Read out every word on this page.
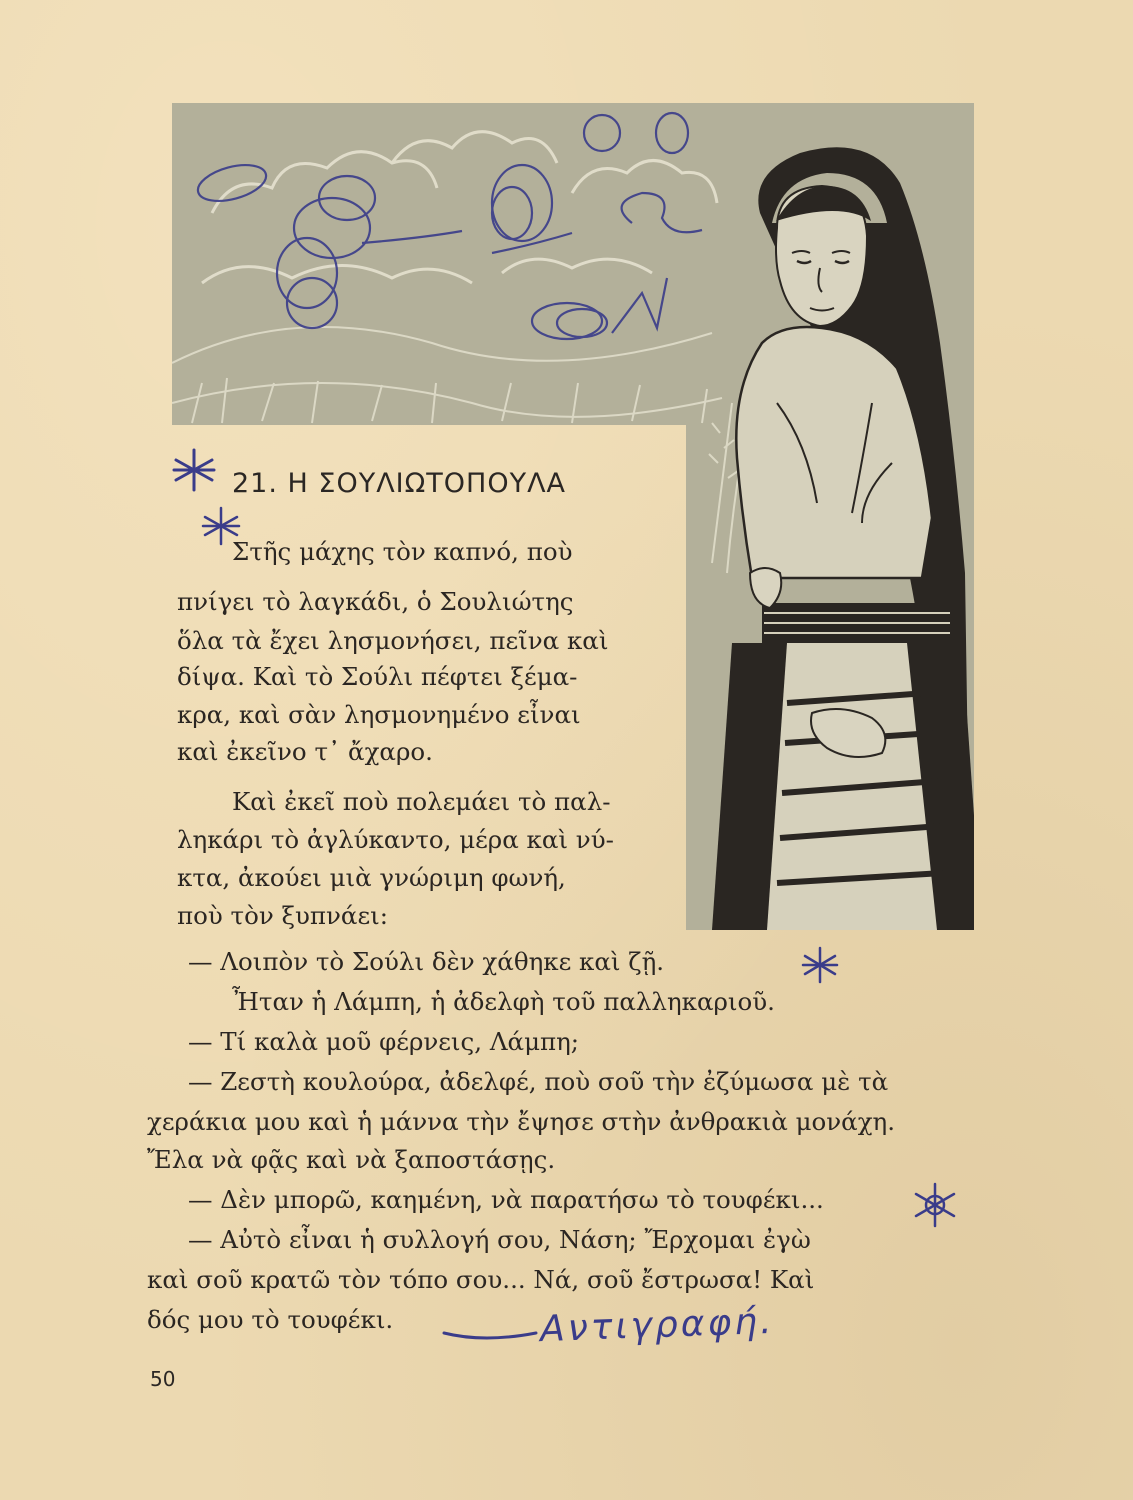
21. Η ΣΟΥΛΙΩΤΟΠΟΥΛΑ
Στῆς μάχης τὸν καπνό, ποὺ
πνίγει τὸ λαγκάδι, ὁ Σουλιώτης
ὅλα τὰ ἔχει λησμονήσει, πεῖνα καὶ
δίψα. Καὶ τὸ Σούλι πέφτει ξέμα-
κρα, καὶ σὰν λησμονημένο εἶναι
καὶ ἐκεῖνο τ᾽ ἄχαρο.
Καὶ ἐκεῖ ποὺ πολεμάει τὸ παλ-
ληκάρι τὸ ἀγλύκαντο, μέρα καὶ νύ-
κτα, ἀκούει μιὰ γνώριμη φωνή,
ποὺ τὸν ξυπνάει:
— Λοιπὸν τὸ Σούλι δὲν χάθηκε καὶ ζῇ.
Ἦταν ἡ Λάμπη, ἡ ἀδελφὴ τοῦ παλληκαριοῦ.
— Τί καλὰ μοῦ φέρνεις, Λάμπη;
— Ζεστὴ κουλούρα, ἀδελφέ, ποὺ σοῦ τὴν ἐζύμωσα μὲ τὰ
χεράκια μου καὶ ἡ μάννα τὴν ἔψησε στὴν ἀνθρακιὰ μονάχη.
Ἔλα νὰ φᾷς καὶ νὰ ξαποστάσῃς.
— Δὲν μπορῶ, καημένη, νὰ παρατήσω τὸ τουφέκι...
— Αὐτὸ εἶναι ἡ συλλογή σου, Νάση; Ἔρχομαι ἐγὼ
καὶ σοῦ κρατῶ τὸν τόπο σου... Νά, σοῦ ἔστρωσα! Καὶ
δός μου τὸ τουφέκι.	Αντιγραφή.
50
